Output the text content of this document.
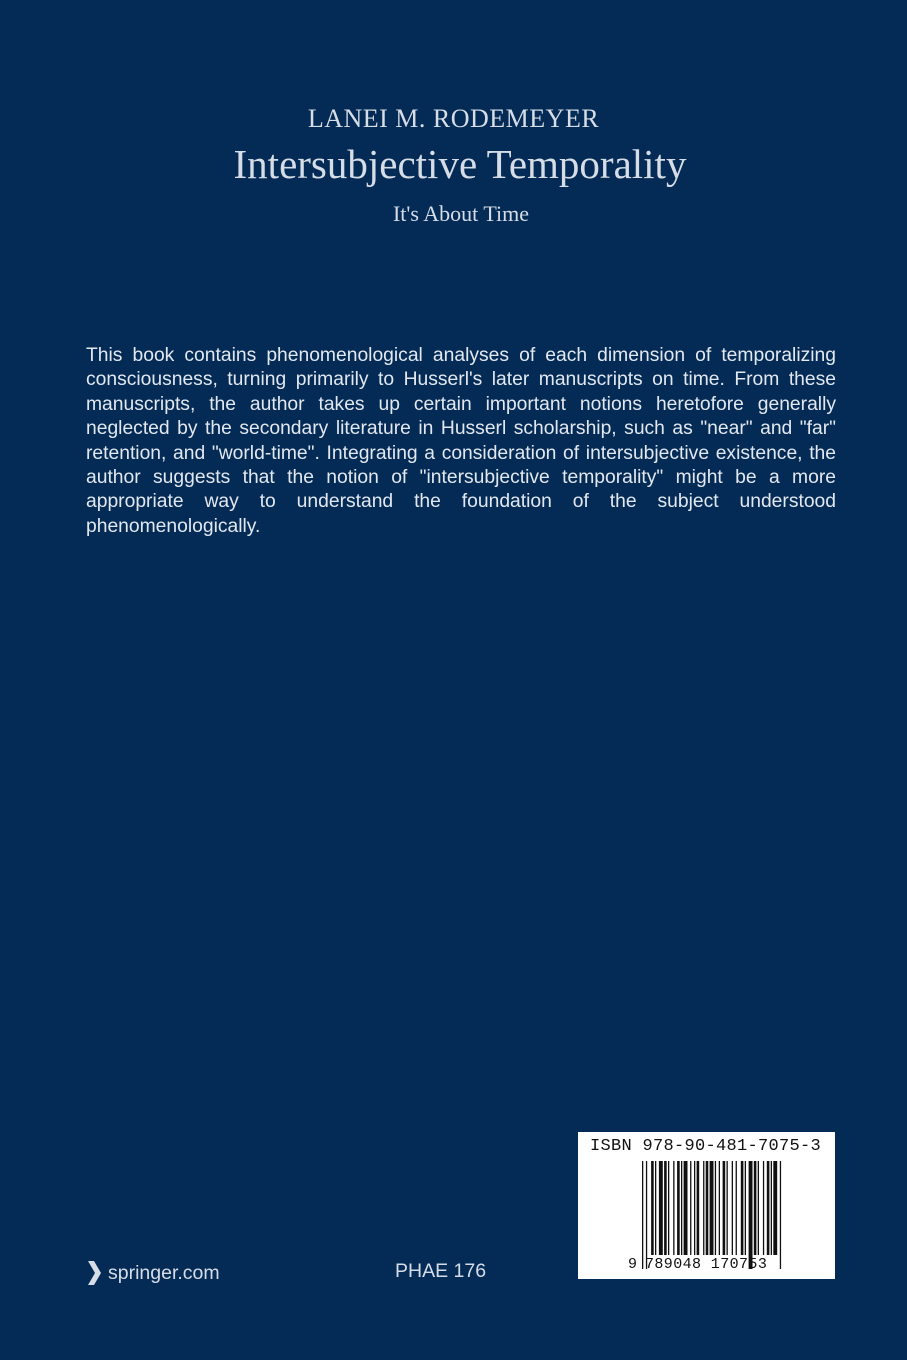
LANEI M. RODEMEYER
Intersubjective Temporality
It's About Time
This book contains phenomenological analyses of each dimension of temporalizing consciousness, turning primarily to Husserl's later manuscripts on time. From these manuscripts, the author takes up certain important notions heretofore generally neglected by the secondary literature in Husserl scholarship, such as "near" and "far" retention, and "world-time". Integrating a consideration of intersubjective existence, the author suggests that the notion of "intersubjective temporality" might be a more appropriate way to understand the foundation of the subject understood phenomenologically.
springer.com	PHAE 176
ISBN 978-90-481-7075-3
9 789048 170753
